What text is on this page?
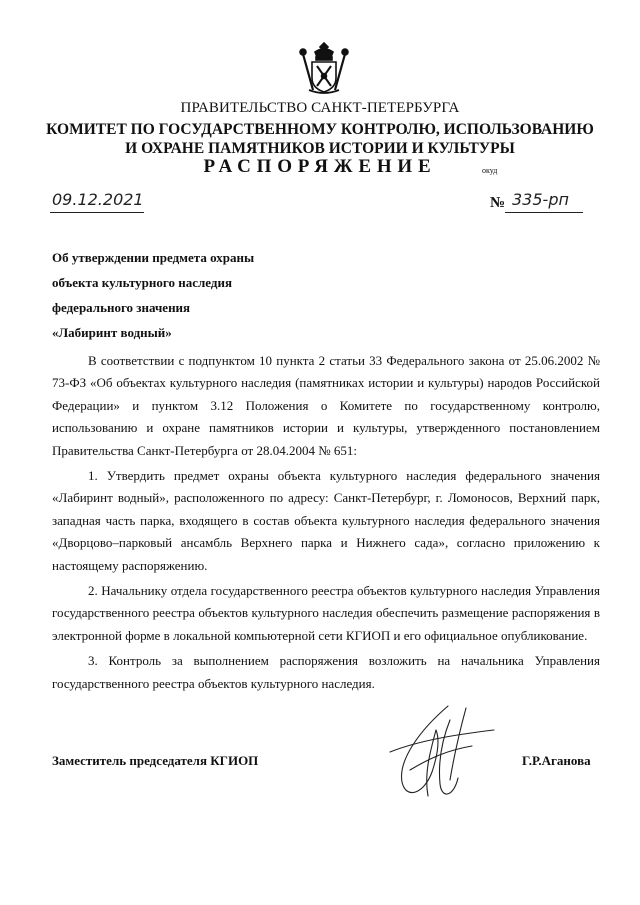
ПРАВИТЕЛЬСТВО САНКТ-ПЕТЕРБУРГА
КОМИТЕТ ПО ГОСУДАРСТВЕННОМУ КОНТРОЛЮ, ИСПОЛЬЗОВАНИЮ
И ОХРАНЕ ПАМЯТНИКОВ ИСТОРИИ И КУЛЬТУРЫ
РАСПОРЯЖЕНИЕ	окуд
09.12.2021	№ 335-рп
Об утверждении предмета охраны
объекта культурного наследия
федерального значения
«Лабиринт водный»

В соответствии с подпунктом 10 пункта 2 статьи 33 Федерального закона от 25.06.2002 № 73-ФЗ «Об объектах культурного наследия (памятниках истории и культуры) народов Российской Федерации» и пунктом 3.12 Положения о Комитете по государственному контролю, использованию и охране памятников истории и культуры, утвержденного постановлением Правительства Санкт-Петербурга от 28.04.2004 № 651:

1. Утвердить предмет охраны объекта культурного наследия федерального значения «Лабиринт водный», расположенного по адресу: Санкт-Петербург, г. Ломоносов, Верхний парк, западная часть парка, входящего в состав объекта культурного наследия федерального значения «Дворцово–парковый ансамбль Верхнего парка и Нижнего сада», согласно приложению к настоящему распоряжению.

2. Начальнику отдела государственного реестра объектов культурного наследия Управления государственного реестра объектов культурного наследия обеспечить размещение распоряжения в электронной форме в локальной компьютерной сети КГИОП и его официальное опубликование.

3. Контроль за выполнением распоряжения возложить на начальника Управления государственного реестра объектов культурного наследия.

Заместитель председателя КГИОП	Г.Р.Аганова
